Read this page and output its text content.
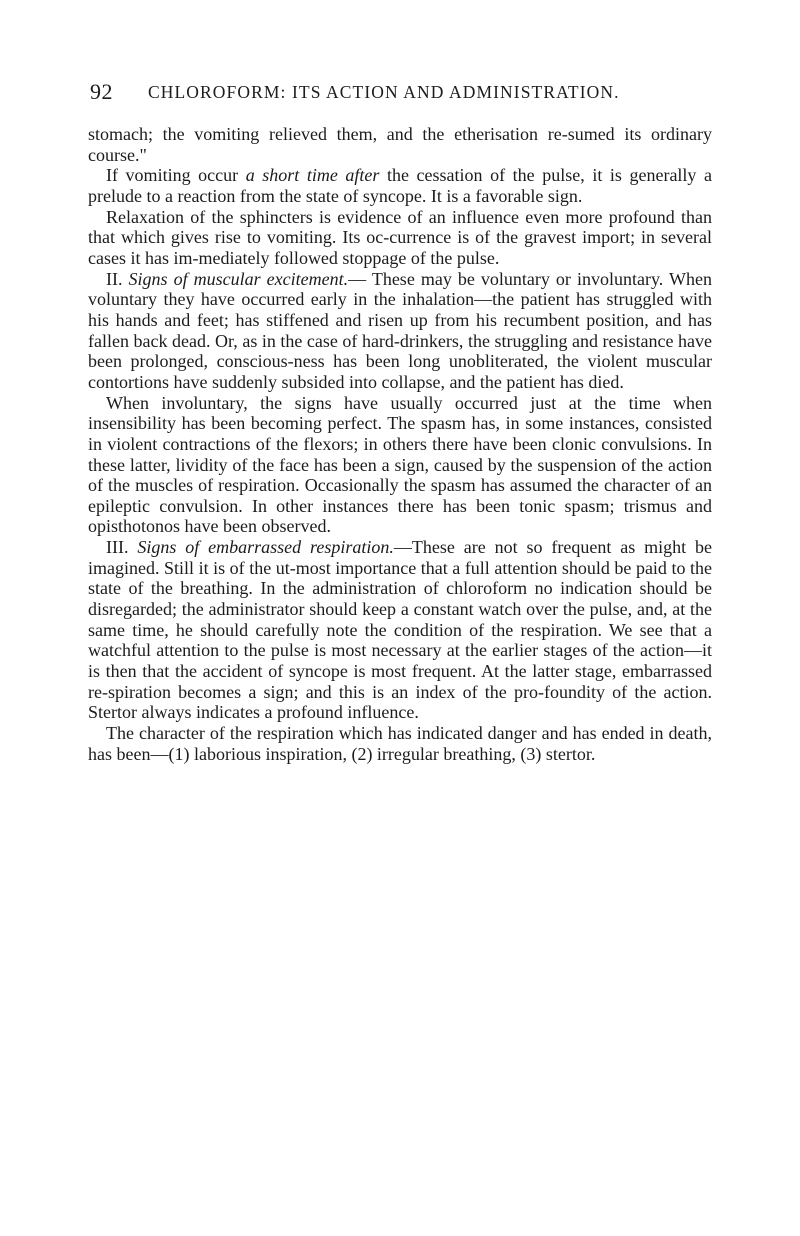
92 CHLOROFORM: ITS ACTION AND ADMINISTRATION.

stomach; the vomiting relieved them, and the etherisation re-sumed its ordinary course."

If vomiting occur a short time after the cessation of the pulse, it is generally a prelude to a reaction from the state of syncope. It is a favorable sign.

Relaxation of the sphincters is evidence of an influence even more profound than that which gives rise to vomiting. Its oc-currence is of the gravest import; in several cases it has im-mediately followed stoppage of the pulse.

II. Signs of muscular excitement.— These may be voluntary or involuntary. When voluntary they have occurred early in the inhalation—the patient has struggled with his hands and feet; has stiffened and risen up from his recumbent position, and has fallen back dead. Or, as in the case of hard-drinkers, the struggling and resistance have been prolonged, conscious-ness has been long unobliterated, the violent muscular contortions have suddenly subsided into collapse, and the patient has died.

When involuntary, the signs have usually occurred just at the time when insensibility has been becoming perfect. The spasm has, in some instances, consisted in violent contractions of the flexors; in others there have been clonic convulsions. In these latter, lividity of the face has been a sign, caused by the suspension of the action of the muscles of respiration. Occasionally the spasm has assumed the character of an epileptic convulsion. In other instances there has been tonic spasm; trismus and opisthotonos have been observed.

III. Signs of embarrassed respiration.—These are not so frequent as might be imagined. Still it is of the ut-most importance that a full attention should be paid to the state of the breathing. In the administration of chloroform no indication should be disregarded; the administrator should keep a constant watch over the pulse, and, at the same time, he should carefully note the condition of the respiration. We see that a watchful attention to the pulse is most necessary at the earlier stages of the action—it is then that the accident of syncope is most frequent. At the latter stage, embarrassed re-spiration becomes a sign; and this is an index of the pro-foundity of the action. Stertor always indicates a profound influence.

The character of the respiration which has indicated danger and has ended in death, has been—(1) laborious inspiration, (2) irregular breathing, (3) stertor.
